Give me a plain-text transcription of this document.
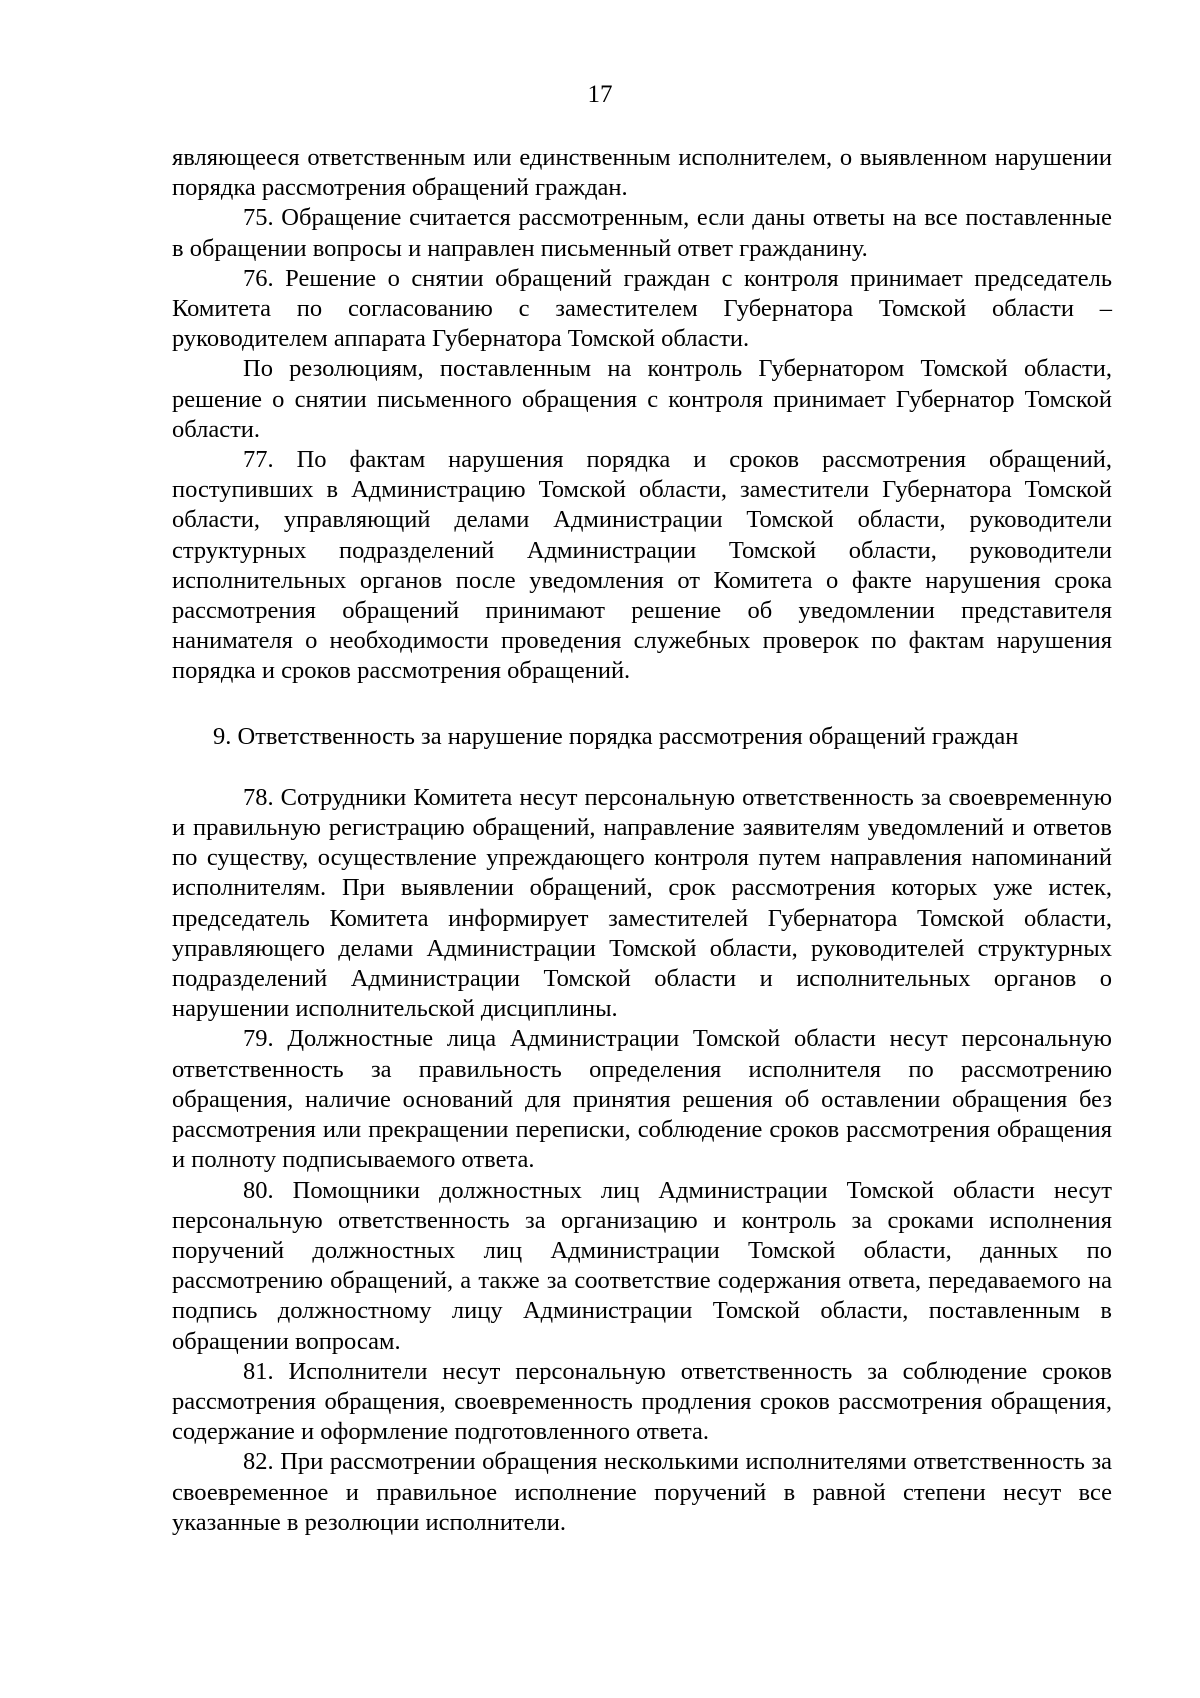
17

являющееся ответственным или единственным исполнителем, о выявленном нарушении порядка рассмотрения обращений граждан.

75. Обращение считается рассмотренным, если даны ответы на все поставленные в обращении вопросы и направлен письменный ответ гражданину.

76. Решение о снятии обращений граждан с контроля принимает председатель Комитета по согласованию с заместителем Губернатора Томской области – руководителем аппарата Губернатора Томской области.

По резолюциям, поставленным на контроль Губернатором Томской области, решение о снятии письменного обращения с контроля принимает Губернатор Томской области.

77. По фактам нарушения порядка и сроков рассмотрения обращений, поступивших в Администрацию Томской области, заместители Губернатора Томской области, управляющий делами Администрации Томской области, руководители структурных подразделений Администрации Томской области, руководители исполнительных органов после уведомления от Комитета о факте нарушения срока рассмотрения обращений принимают решение об уведомлении представителя нанимателя о необходимости проведения служебных проверок по фактам нарушения порядка и сроков рассмотрения обращений.

9. Ответственность за нарушение порядка рассмотрения обращений граждан

78. Сотрудники Комитета несут персональную ответственность за своевременную и правильную регистрацию обращений, направление заявителям уведомлений и ответов по существу, осуществление упреждающего контроля путем направления напоминаний исполнителям. При выявлении обращений, срок рассмотрения которых уже истек, председатель Комитета информирует заместителей Губернатора Томской области, управляющего делами Администрации Томской области, руководителей структурных подразделений Администрации Томской области и исполнительных органов о нарушении исполнительской дисциплины.

79. Должностные лица Администрации Томской области несут персональную ответственность за правильность определения исполнителя по рассмотрению обращения, наличие оснований для принятия решения об оставлении обращения без рассмотрения или прекращении переписки, соблюдение сроков рассмотрения обращения и полноту подписываемого ответа.

80. Помощники должностных лиц Администрации Томской области несут персональную ответственность за организацию и контроль за сроками исполнения поручений должностных лиц Администрации Томской области, данных по рассмотрению обращений, а также за соответствие содержания ответа, передаваемого на подпись должностному лицу Администрации Томской области, поставленным в обращении вопросам.

81. Исполнители несут персональную ответственность за соблюдение сроков рассмотрения обращения, своевременность продления сроков рассмотрения обращения, содержание и оформление подготовленного ответа.

82. При рассмотрении обращения несколькими исполнителями ответственность за своевременное и правильное исполнение поручений в равной степени несут все указанные в резолюции исполнители.
